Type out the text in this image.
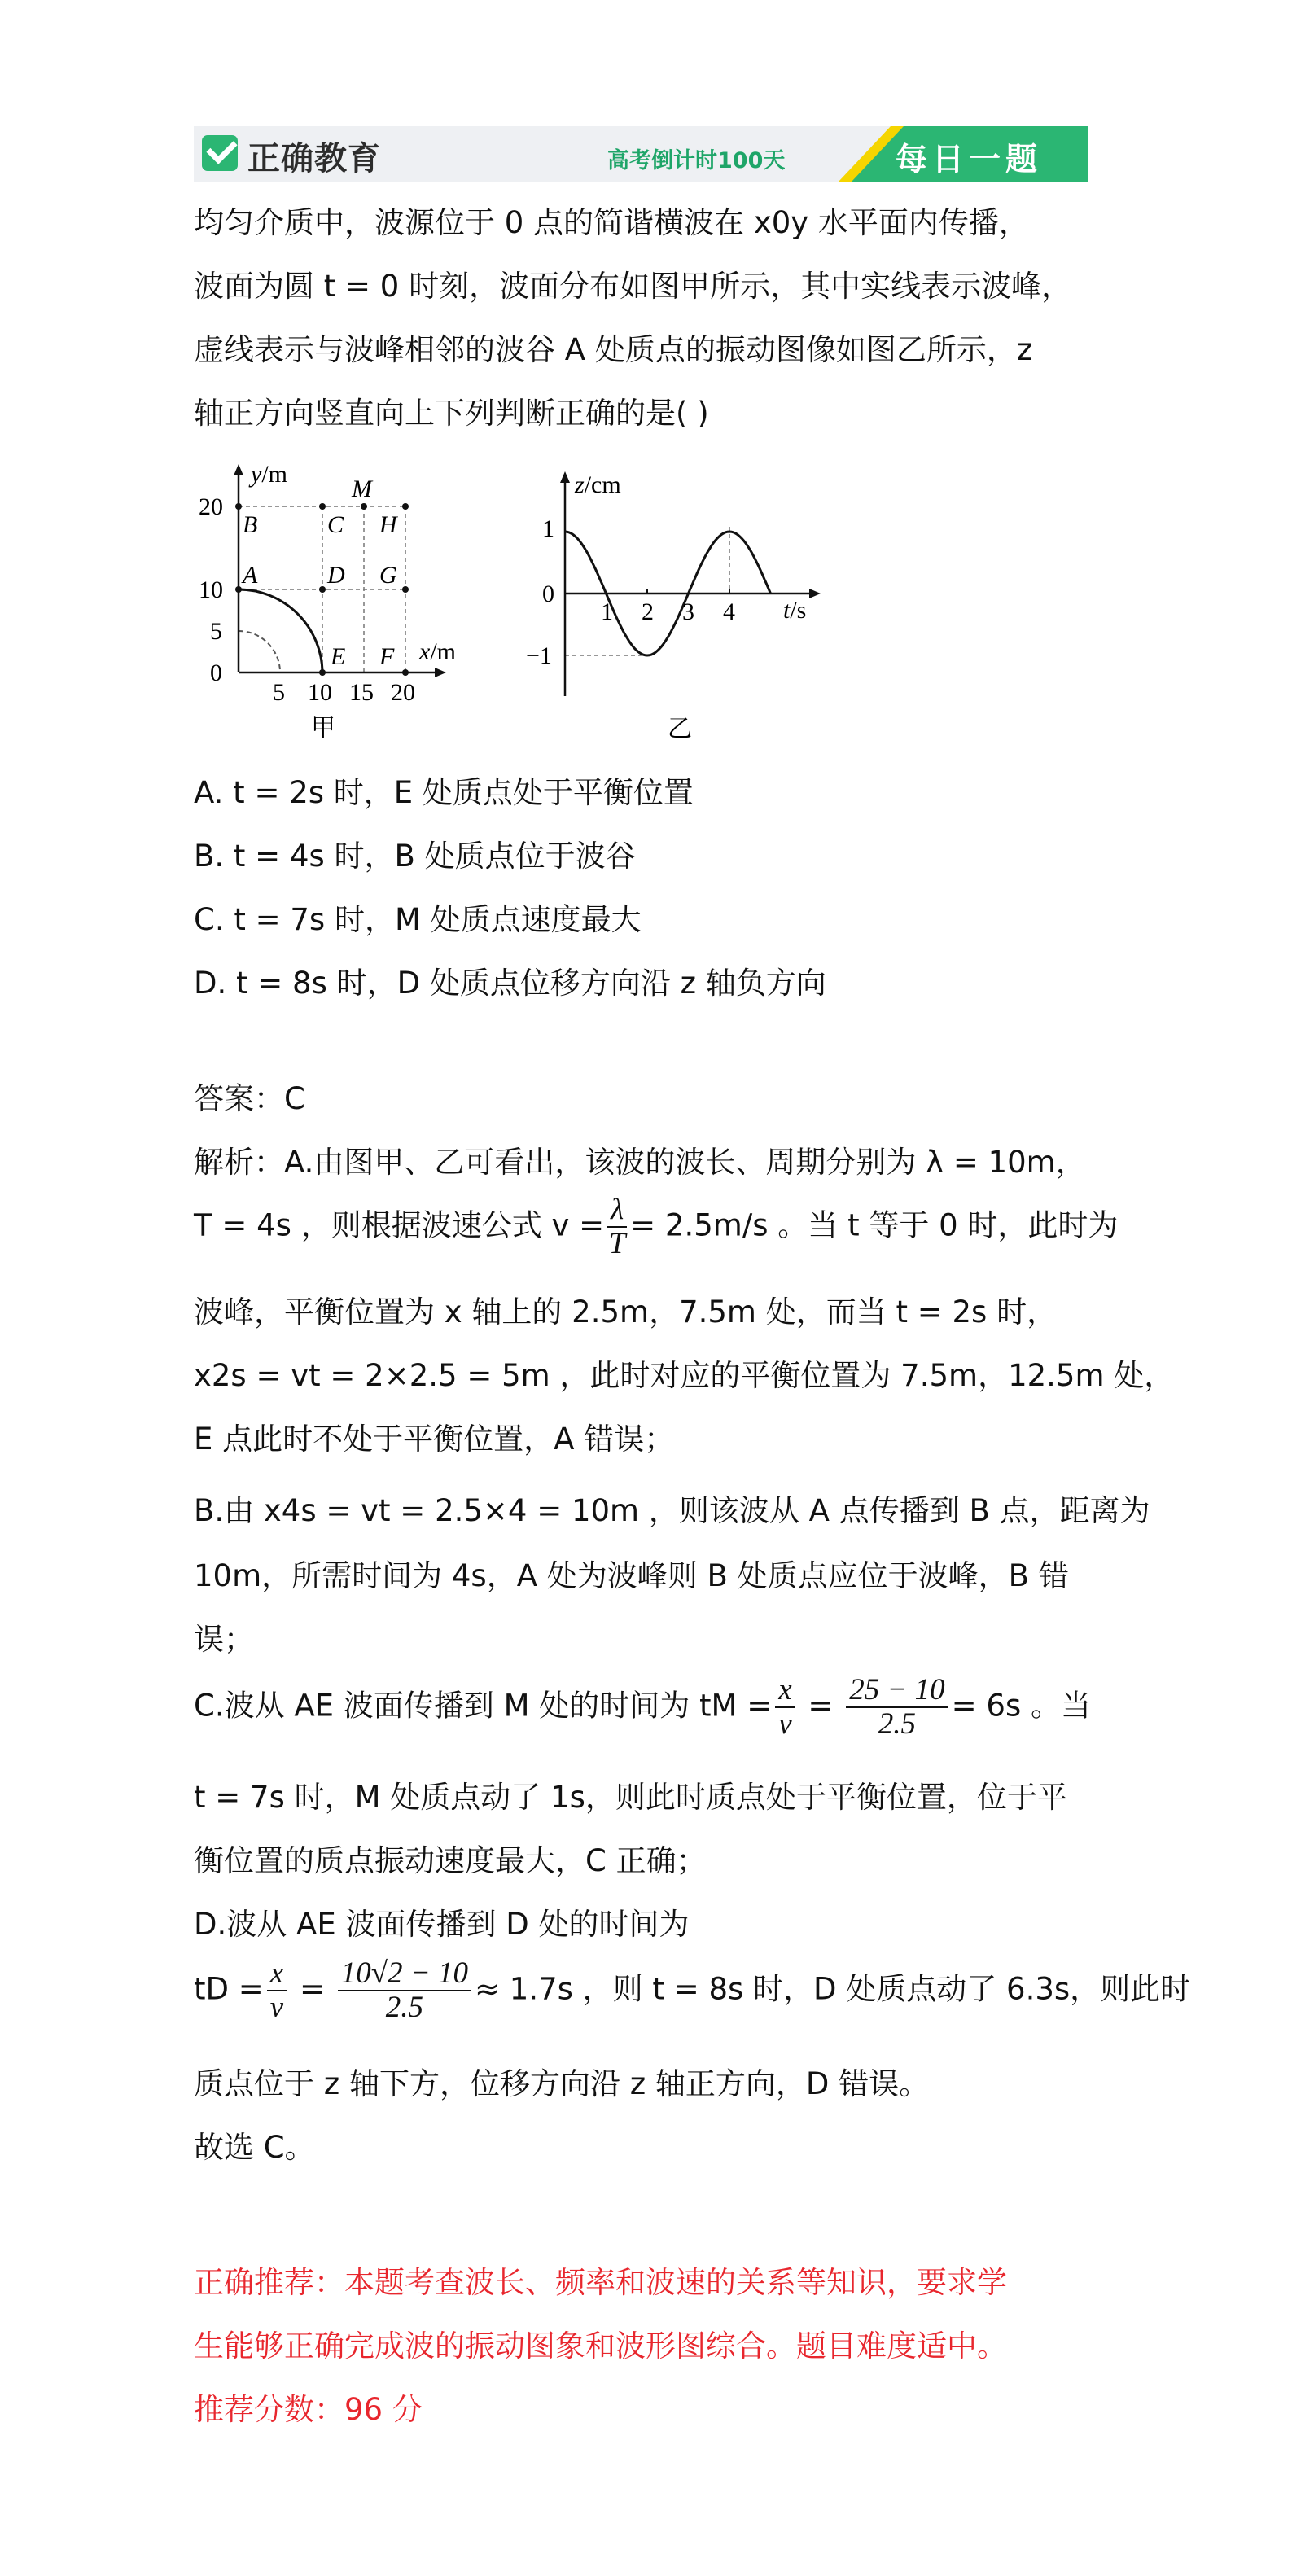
正确教育	高考倒计时100天	每日一题
均匀介质中，波源位于 0 点的简谐横波在 x0y 水平面内传播，
波面为圆 t = 0 时刻，波面分布如图甲所示，其中实线表示波峰，
虚线表示与波峰相邻的波谷 A 处质点的振动图像如图乙所示，z
轴正方向竖直向上下列判断正确的是( )
y/m
x/m
20
10
5
0
5 10 15 20
M
B	C H
A	D G
E F
甲
z/cm
t/s
1
0
−1
1 2 3 4
乙
A. t = 2s 时，E 处质点处于平衡位置
B. t = 4s 时，B 处质点位于波谷
C. t = 7s 时，M 处质点速度最大
D. t = 8s 时，D 处质点位移方向沿 z 轴负方向
答案：C
解析：A.由图甲、乙可看出，该波的波长、周期分别为 λ = 10m，
T = 4s ，则根据波速公式 $v = \frac{\lambda}{T} = 2.5m/s$ 。当 t 等于 0 时，此时为
波峰，平衡位置为 x 轴上的 2.5m，7.5m 处，而当 t = 2s 时，
x2s = vt = 2×2.5 = 5m ，此时对应的平衡位置为 7.5m，12.5m 处，
E 点此时不处于平衡位置，A 错误；
B.由 x4s = vt = 2.5×4 = 10m ，则该波从 A 点传播到 B 点，距离为
10m，所需时间为 4s，A 处为波峰则 B 处质点应位于波峰，B 错
误；
C.波从 AE 波面传播到 M 处的时间为 tM = $\frac{x}{v} = \frac{25 - 10}{2.5} = 6s$ 。当
t = 7s 时，M 处质点动了 1s，则此时质点处于平衡位置，位于平
衡位置的质点振动速度最大，C 正确；
D.波从 AE 波面传播到 D 处的时间为
tD = $\frac{x}{v} = \frac{10√2 - 10}{2.5} \approx 1.7s$ ，则 t = 8s 时，D 处质点动了 6.3s，则此时
质点位于 z 轴下方，位移方向沿 z 轴正方向，D 错误。
故选 C。
正确推荐：本题考查波长、频率和波速的关系等知识，要求学
生能够正确完成波的振动图象和波形图综合。题目难度适中。
推荐分数：96 分
